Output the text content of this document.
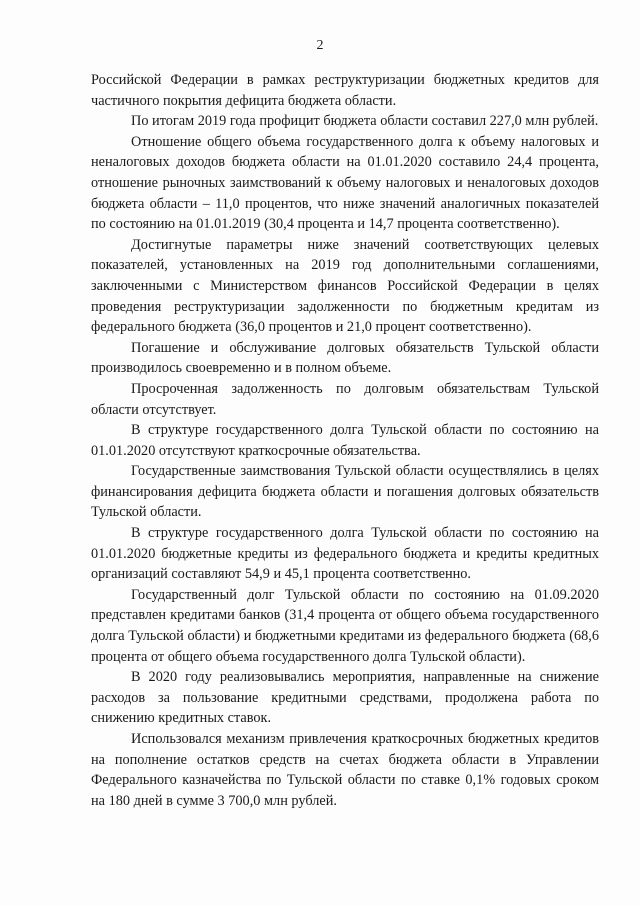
2

Российской Федерации в рамках реструктуризации бюджетных кредитов для частичного покрытия дефицита бюджета области.

По итогам 2019 года профицит бюджета области составил 227,0 млн рублей.

Отношение общего объема государственного долга к объему налоговых и неналоговых доходов бюджета области на 01.01.2020 составило 24,4 процента, отношение рыночных заимствований к объему налоговых и неналоговых доходов бюджета области – 11,0 процентов, что ниже значений аналогичных показателей по состоянию на 01.01.2019 (30,4 процента и 14,7 процента соответственно).

Достигнутые параметры ниже значений соответствующих целевых показателей, установленных на 2019 год дополнительными соглашениями, заключенными с Министерством финансов Российской Федерации в целях проведения реструктуризации задолженности по бюджетным кредитам из федерального бюджета (36,0 процентов и 21,0 процент соответственно).

Погашение и обслуживание долговых обязательств Тульской области производилось своевременно и в полном объеме.

Просроченная задолженность по долговым обязательствам Тульской области отсутствует.

В структуре государственного долга Тульской области по состоянию на 01.01.2020 отсутствуют краткосрочные обязательства.

Государственные заимствования Тульской области осуществлялись в целях финансирования дефицита бюджета области и погашения долговых обязательств Тульской области.

В структуре государственного долга Тульской области по состоянию на 01.01.2020 бюджетные кредиты из федерального бюджета и кредиты кредитных организаций составляют 54,9 и 45,1 процента соответственно.

Государственный долг Тульской области по состоянию на 01.09.2020 представлен кредитами банков (31,4 процента от общего объема государственного долга Тульской области) и бюджетными кредитами из федерального бюджета (68,6 процента от общего объема государственного долга Тульской области).

В 2020 году реализовывались мероприятия, направленные на снижение расходов за пользование кредитными средствами, продолжена работа по снижению кредитных ставок.

Использовался механизм привлечения краткосрочных бюджетных кредитов на пополнение остатков средств на счетах бюджета области в Управлении Федерального казначейства по Тульской области по ставке 0,1% годовых сроком на 180 дней в сумме 3 700,0 млн рублей.
